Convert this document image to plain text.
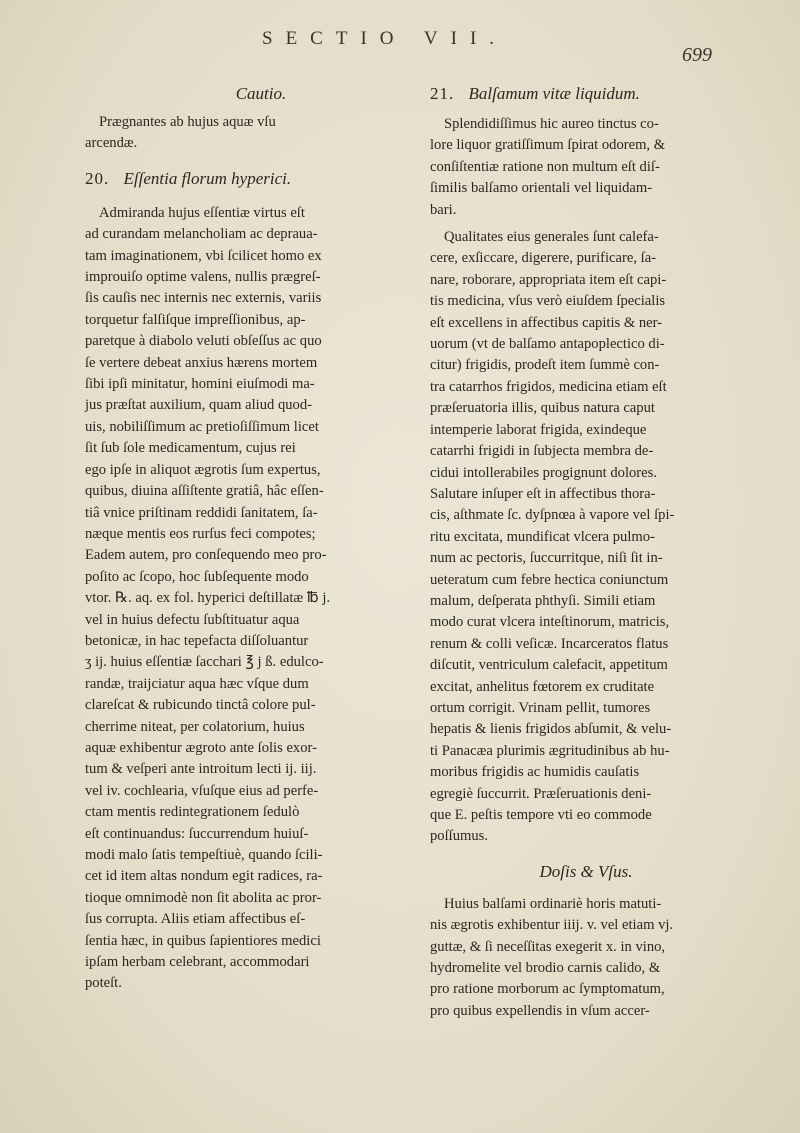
SECTIO VII.
699

Cautio.

Prægnantes ab hujus aquæ vſu

arcendæ.

20. Eſſentia florum hyperici.

Admiranda hujus eſſentiæ virtus eſt

ad curandam melancholiam ac deprauа-

tam imaginationem, vbi ſcilicet homo ex

improuiſo optime valens, nullis prægreſ-

ſis cauſis nec internis nec externis, variis

torquetur falſiſque impreſſionibus, ap-

paretque à diabolo veluti obſeſſus ac quo

ſe vertere debeat anxius hærens mortem

ſibi ipſi minitatur, homini eiuſmodi ma-

jus præſtat auxilium, quam aliud quod-

uis, nobiliſſimum ac pretioſiſſimum licet

ſit ſub ſole medicamentum, cujus rei

ego ipſe in aliquot ægrotis ſum expertus,

quibus, diuina aſſiſtente gratiâ, hâc eſſen-

tiâ vnice priſtinam reddidi ſanitatem, ſa-

næque mentis eos rurſus feci compotes;

Eadem autem, pro conſequendo meo pro-

poſito ac ſcopo, hoc ſubſequente modo

vtor. ℞. aq. ex fol. hyperici deſtillatæ ℔ j.

vel in huius defectu ſubſtituatur aqua

betonicæ, in hac tepefacta diſſoluantur

ʒ ij. huius eſſentiæ ſacchari ℥ j ß. edulco-

randæ, traijciatur aqua hæc vſque dum

clareſcat & rubicundo tinctâ colore pul-

cherrime niteat, per colatorium, huius

aquæ exhibentur ægroto ante ſolis exor-

tum & veſperi ante introitum lecti ij. iij.

vel iv. cochlearia, vſuſque eius ad perfe-

ctam mentis redintegrationem ſedulò

eſt continuandus: ſuccurrendum huiuſ-

modi malo ſatis tempeſtiuè, quando ſcili-

cet id item altas nondum egit radices, ra-

tioque omnimodè non ſit abolita ac pror-

ſus corrupta. Aliis etiam affectibus eſ-

ſentia hæc, in quibus ſapientiores medici

ipſam herbam celebrant, accommodari

poteſt.

21. Balſamum vitæ liquidum.

Splendidiſſimus hic aureo tinctus co-

lore liquor gratiſſimum ſpirat odorem, &

conſiſtentiæ ratione non multum eſt diſ-

ſimilis balſamo orientali vel liquidam-

bari.

Qualitates eius generales ſunt calefa-

cere, exſiccare, digerere, purificare, ſa-

nare, roborare, appropriata item eſt capi-

tis medicina, vſus verò eiuſdem ſpecialis

eſt excellens in affectibus capitis & ner-

uorum (vt de balſamo antapoplectico di-

citur) frigidis, prodeſt item ſummè con-

tra catarrhos frigidos, medicina etiam eſt

præſeruatoria illis, quibus natura caput

intemperie laborat frigida, exindeque

catarrhi frigidi in ſubjecta membra de-

cidui intollerabiles progignunt dolores.

Salutare inſuper eſt in affectibus thora-

cis, aſthmate ſc. dyſpnœa à vapore vel ſpi-

ritu excitata, mundificat vlcera pulmo-

num ac pectoris, ſuccurritque, niſi ſit in-

ueteratum cum febre hectica coniunctum

malum, deſperata phthyſi. Simili etiam

modo curat vlcera inteſtinorum, matricis,

renum & colli veſicæ. Incarceratos flatus

diſcutit, ventriculum calefacit, appetitum

excitat, anhelitus fœtorem ex cruditate

ortum corrigit. Vrinam pellit, tumores

hepatis & lienis frigidos abſumit, & velu-

ti Panacæa plurimis ægritudinibus ab hu-

moribus frigidis ac humidis cauſatis

egregiè ſuccurrit. Præſeruationis deni-

que E. peſtis tempore vti eo commode

poſſumus.

Doſis & Vſus.

Huius balſami ordinariè horis matuti-

nis ægrotis exhibentur iiij. v. vel etiam vj.

guttæ, & ſi neceſſitas exegerit x. in vino,

hydromelite vel brodio carnis calido, &

pro ratione morborum ac ſymptomatum,

pro quibus expellendis in vſum accer-
